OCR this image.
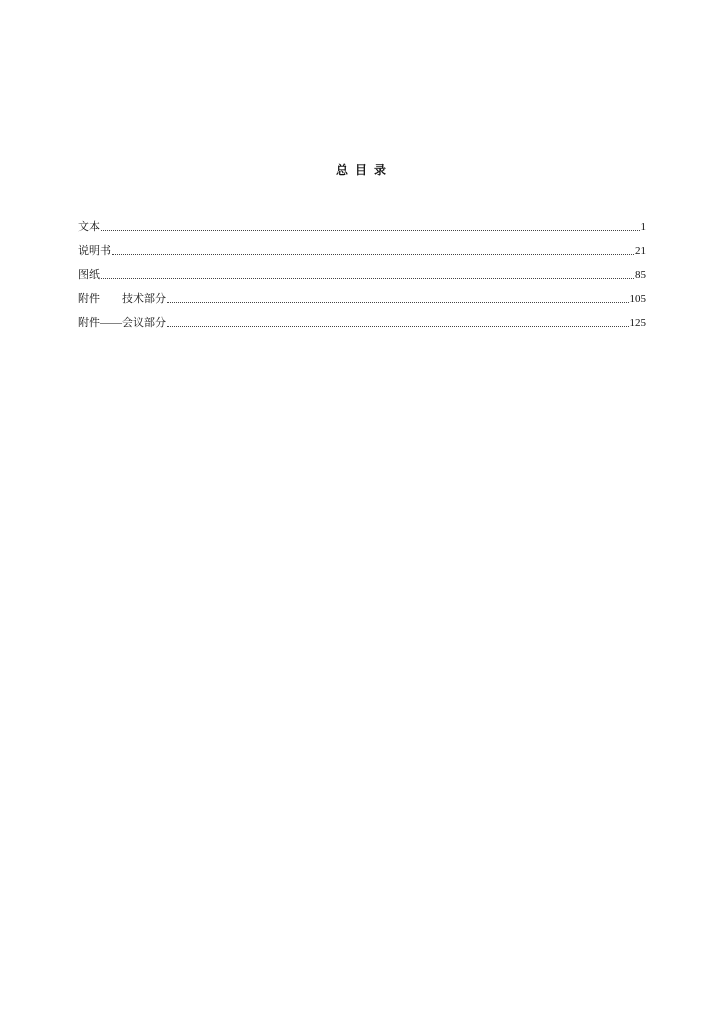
总 目 录
文本	1
说明书	21
图纸	85
附件 技术部分	105
附件——会议部分	125
